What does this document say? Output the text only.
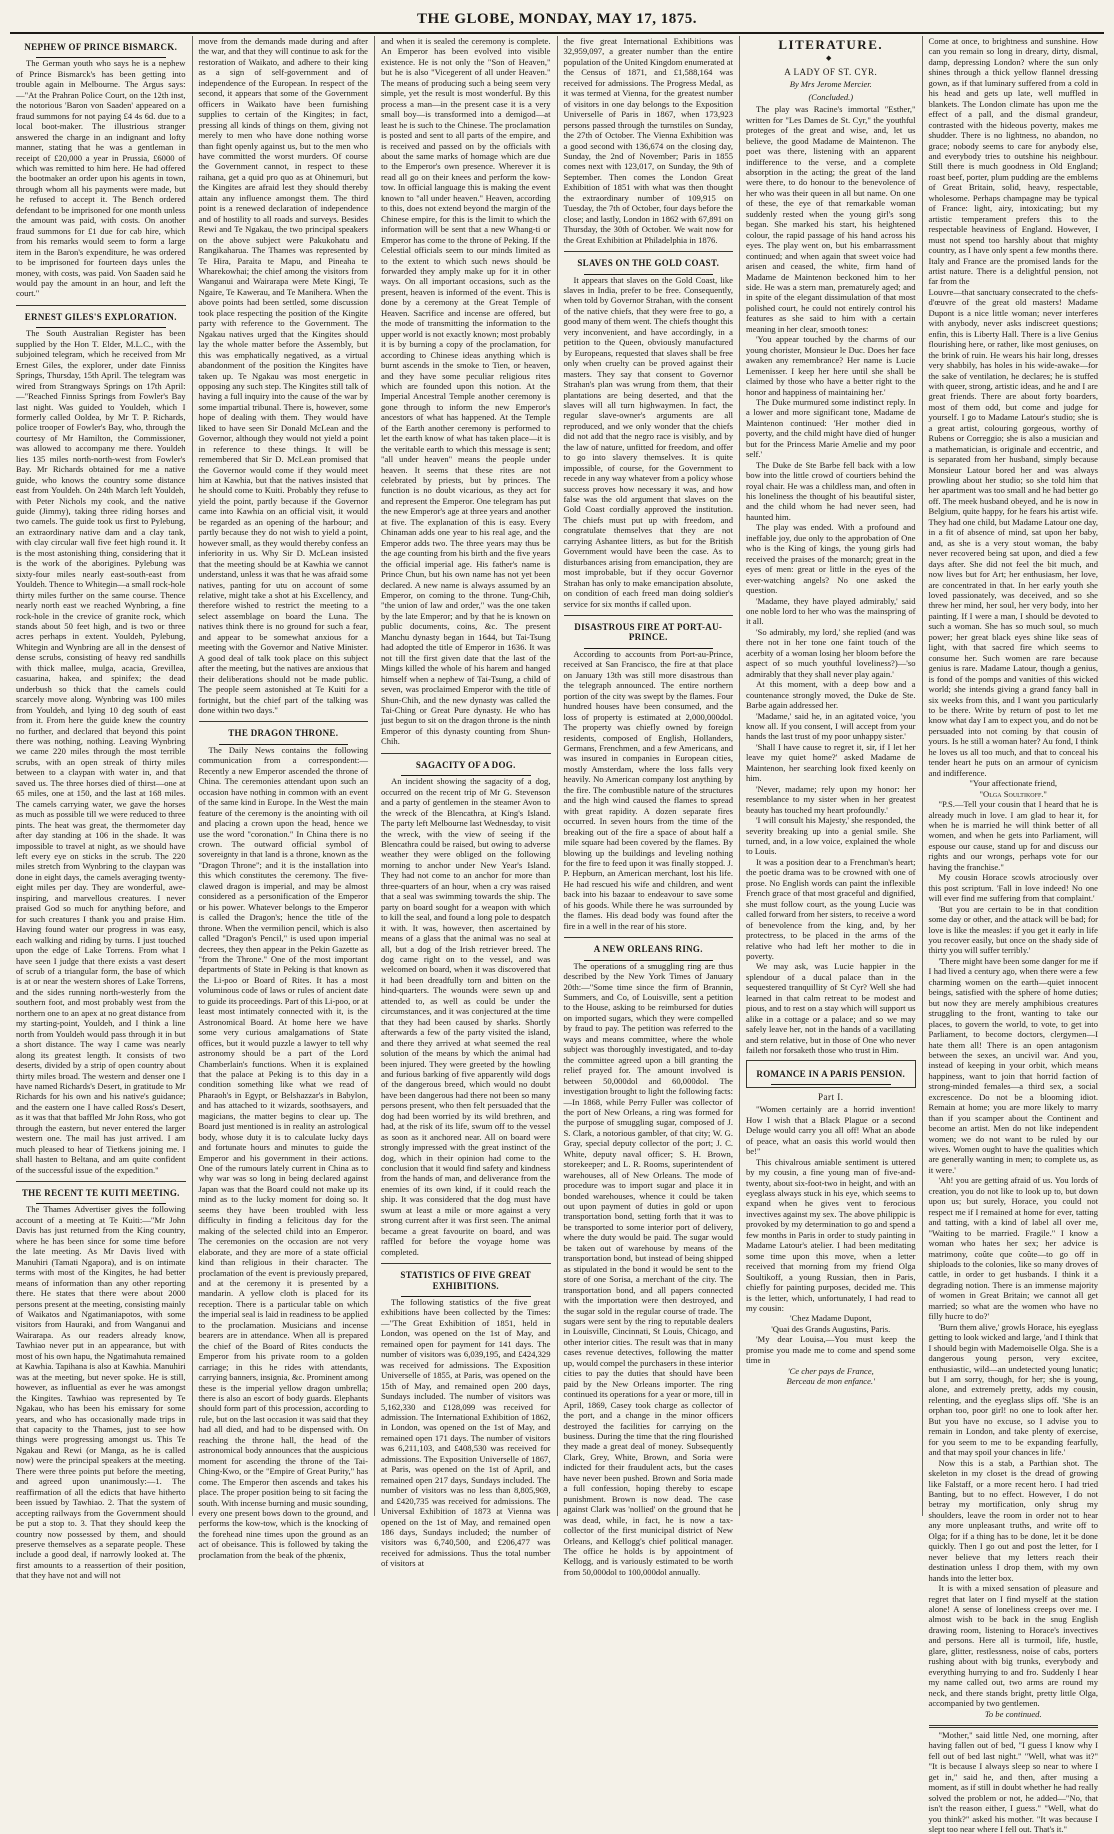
THE GLOBE, MONDAY, MAY 17, 1875.
NEPHEW OF PRINCE BISMARCK.

The German youth who says he is a nephew of Prince Bismarck's has been getting into trouble again in Melbourne. The Argus says:—"At the Prahran Police Court, on the 12th inst, the notorious 'Baron von Saaden' appeared on a fraud summons for not paying £4 4s 6d. due to a local boot-maker. The illustrious stranger answered the charge in an indignant and lofty manner, stating that he was a gentleman in receipt of £20,000 a year in Prussia, £6000 of which was remitted to him here. He had offered the bootmaker an order upon his agents in town, through whom all his payments were made, but he refused to accept it. The Bench ordered defendant to be imprisoned for one month unless the amount was paid, with costs. On another fraud summons for £1 due for cab hire, which from his remarks would seem to form a large item in the Baron's expenditure, he was ordered to be imprisoned for fourteen days unles the money, with costs, was paid. Von Saaden said he would pay the amount in an hour, and left the court."

ERNEST GILES'S EXPLORATION.

The South Australian Register has been supplied by the Hon T. Elder, M.L.C., with the subjoined telegram, which he received from Mr Ernest Giles, the explorer, under date Finniss Springs, Thursday, 15th April. The telegram was wired from Strangways Springs on 17th April:—"Reached Finniss Springs from Fowler's Bay last night. Was guided to Youldeh, which I formerly called Ooldea, by Mr T. P. Richards, police trooper of Fowler's Bay, who, through the courtesy of Mr Hamilton, the Commissioner, was allowed to accompany me there. Youldeh lies 135 miles north-north-west from Fowler's Bay. Mr Richards obtained for me a native guide, who knows the country some distance east from Youldeh. On 24th March left Youldeh, with Peter Nichols my cook, and the native guide (Jimmy), taking three riding horses and two camels. The guide took us first to Pylebung, an extraordinary native dam and a clay tank, with clay circular wall five feet high round it. It is the most astonishing thing, considering that it is the work of the aborigines. Pylebung was sixty-four miles nearly east-south-east from Youldeh. Thence to Whitegin—a small rock-hole thirty miles further on the same course. Thence nearly north east we reached Wynbring, a fine rock-hole in the crevice of granite rock, which stands about 50 feet high, and is two or three acres perhaps in extent. Youldeh, Pylebung, Whitegin and Wynbring are all in the densest of dense scrubs, consisting of heavy red sandhills with thick mallee, mulga, acacia, Grevillea, casuarina, hakea, and spinifex; the dead underbush so thick that the camels could scarcely move along. Wynbring was 100 miles from Youldeh, and lying 10 deg south of east from it. From here the guide knew the country no further, and declared that beyond this point there was nothing, nothing. Leaving Wynbring we came 220 miles through the most terrible scrubs, with an open streak of thirty miles between to a claypan with water in, and that saved us. The three horses died of thirst—one at 65 miles, one at 150, and the last at 168 miles. The camels carrying water, we gave the horses as much as possible till we were reduced to three pints. The heat was great, the thermometer day after day standing at 106 in the shade. It was impossible to travel at night, as we should have left every eye on sticks in the scrub. The 220 miles stretch from Wynbring to the claypan was done in eight days, the camels averaging twenty-eight miles per day. They are wonderful, awe-inspiring, and marvellous creatures. I never praised God so much for anything before, and for such creatures I thank you and praise Him. Having found water our progress in was easy, each walking and riding by turns. I just touched upon the edge of Lake Torrens. From what I have seen I judge that there exists a vast desert of scrub of a triangular form, the base of which is at or near the western shores of Lake Torrens, and the sides running north-westerly from the southern foot, and most probably west from the northern one to an apex at no great distance from my starting-point, Youldeh, and I think a line north from Youldeh would pass through it in but a short distance. The way I came was nearly along its greatest length. It consists of two deserts, divided by a strip of open country about thirty miles broad. The western and denser one I have named Richards's Desert, in gratitude to Mr Richards for his own and his native's guidance; and the eastern one I have called Ross's Desert, as it was that that baffled Mr John Ross, who got through the eastern, but never entered the larger western one. The mail has just arrived. I am much pleased to hear of Tietkens joining me. I shall hasten to Beltana, and am quite confident of the successful issue of the expedition."

THE RECENT TE KUITI MEETING.

The Thames Advertiser gives the following account of a meeting at Te Kuiti:—"Mr John Davis has just returned from the King country, where he has been since for some time before the late meeting. As Mr Davis lived with Manuhiri (Tamati Ngapora), and is on intimate terms with most of the Kingites, he had better means of information than any other reporting there. He states that there were about 2000 persons present at the meeting, consisting mainly of Waikatos and Ngatimaniapotos, with some visitors from Hauraki, and from Wanganui and Wairarapa. As our readers already know, Tawhiao never put in an appearance, but with most of his own hapu, the Ngatimahuta remained at Kawhia. Tapihana is also at Kawhia. Manuhiri was at the meeting, but never spoke. He is still, however, as influential as ever he was amongst the Kingites. Tawhiao was represented by Te Ngakau, who has been his emissary for some years, and who has occasionally made trips in that capacity to the Thames, just to see how things were progressing amongst us. This Te Ngakau and Rewi (or Manga, as he is called now) were the principal speakers at the meeting. There were three points put before the meeting, and agreed upon unanimously:—1. The reaffirmation of all the edicts that have hitherto been issued by Tawhiao. 2. That the system of accepting railways from the Government should be put a stop to. 3. That they should keep the country now possessed by them, and should preserve themselves as a separate people. These include a good deal, if narrowly looked at. The first amounts to a reassertion of their position, that they have not and will not

move from the demands made during and after the war, and that they will continue to ask for the restoration of Waikato, and adhere to their king as a sign of self-government and of independence of the European. In respect of the second, it appears that some of the Government officers in Waikato have been furnishing supplies to certain of the Kingites; in fact, pressing all kinds of things on them, giving not merely to men who have done nothing worse than fight openly against us, but to the men who have committed the worst murders. Of course the Government cannot, in respect to these raihana, get a quid pro quo as at Ohinemuri, but the Kingites are afraid lest they should thereby attain any influence amongst them. The third point is a renewed declaration of independence and of hostility to all roads and surveys. Besides Rewi and Te Ngakau, the two principal speakers on the above subject were Pakukohatu and Rangikaharua. The Thames was represented by Te Hira, Paraita te Mapu, and Pineaha te Wharekowhai; the chief among the visitors from Wanganui and Wairarapa were Mete Kingi, Te Ngaire, Te Kawerau, and Te Manihera. When the above points had been settled, some discussion took place respecting the position of the Kingite party with reference to the Government. The Ngakau natives urged that the Kingites should lay the whole matter before the Assembly, but this was emphatically negatived, as a virtual abandonment of the position the Kingites have taken up. Te Ngakau was most energetic in opposing any such step. The Kingites still talk of having a full inquiry into the cause of the war by some impartial tribunal. There is, however, some hope of dealing with them. They would have liked to have seen Sir Donald McLean and the Governor, although they would not yield a point in reference to these things. It will be remembered that Sir D. McLean promised that the Governor would come if they would meet him at Kawhia, but that the natives insisted that he should come to Kuiti. Probably they refuse to yield the point, partly because if the Governor came into Kawhia on an official visit, it would be regarded as an opening of the harbour; and partly because they do not wish to yield a point, however small, as they would thereby confess an inferiority in us. Why Sir D. McLean insisted that the meeting should be at Kawhia we cannot understand, unless it was that he was afraid some natives, panting for utu on account of some relative, might take a shot at his Excellency, and therefore wished to restrict the meeting to a select assemblage on board the Luna. The natives think there is no ground for such a fear, and appear to be somewhat anxious for a meeting with the Governor and Native Minister. A good deal of talk took place on this subject after the meeting, but the natives are anxious that their deliberations should not be made public. The people seem astonished at Te Kuiti for a fortnight, but the chief part of the talking was done within two days."

THE DRAGON THRONE.

The Daily News contains the following communication from a correspondent:—Recently a new Emperor ascended the throne of China. The ceremonies attendant upon such an occasion have nothing in common with an event of the same kind in Europe. In the West the main feature of the ceremony is the anointing with oil and placing a crown upon the head, hence we use the word "coronation." In China there is no crown. The outward official symbol of sovereignty in that land is a throne, known as the "Dragon Throne"; and it is the installation into this which constitutes the ceremony. The five-clawed dragon is imperial, and may be almost considered as a personification of the Emperor or his power. Whatever belongs to the Emperor is called the Dragon's; hence the title of the throne. When the vermilion pencil, which is also called "Dragon's Pencil," is used upon imperial decrees, they then appear in the Pekin Gazette as "from the Throne." One of the most important departments of State in Peking is that known as the Li-poo or Board of Rites. It has a most voluminous code of laws or rules of ancient date to guide its proceedings. Part of this Li-poo, or at least most intimately connected with it, is the Astronomical Board. At home here we have some very curious amalgamations of State offices, but it would puzzle a lawyer to tell why astronomy should be a part of the Lord Chamberlain's functions. When it is explained that the palace at Peking is to this day in a condition something like what we read of Pharaoh's in Egypt, or Belshazzar's in Babylon, and has attached to it wizards, soothsayers, and magicians, the matter begins to clear up. The Board just mentioned is in reality an astrological body, whose duty it is to calculate lucky days and fortunate hours and minutes to guide the Emperor and his government in their actions. One of the rumours lately current in China as to why war was so long in being declared against Japan was that the Board could not make up its mind as to the lucky moment for doing so. It seems they have been troubled with less difficulty in finding a felicitous day for the making of the selected child into an Emperor. The ceremonies on the occasion are not very elaborate, and they are more of a state official kind than religious in their character. The proclamation of the event is previously prepared, and at the ceremony it is presented by a mandarin. A yellow cloth is placed for its reception. There is a particular table on which the imperial seal is laid in readiness to be applied to the proclamation. Musicians and incense bearers are in attendance. When all is prepared the chief of the Board of Rites conducts the Emperor from his private room to a golden carriage; in this he rides with attendants, carrying banners, insignia, &c. Prominent among these is the imperial yellow dragon umbrella; there is also an escort of body guards. Elephants should form part of this procession, according to rule, but on the last occasion it was said that they had all died, and had to be dispensed with. On reaching the throne hall, the head of the astronomical body announces that the auspicious moment for ascending the throne of the Tai-Ching-Kwo, or the "Empire of Great Purity," has come. The Emperor then ascends and takes his place. The proper position being to sit facing the south. With incense burning and music sounding, every one present bows down to the ground, and performs the kow-tow, which is the knocking of the forehead nine times upon the ground as an act of obeisance. This is followed by taking the proclamation from the beak of the phœnix,

and when it is sealed the ceremony is complete. An Emperor has been evolved into visible existence. He is not only the "Son of Heaven," but he is also "Vicegerent of all under Heaven." The means of producing such a being seem very simple, yet the result is most wonderful. By this process a man—in the present case it is a very small boy—is transformed into a demigod—at least he is such to the Chinese. The proclamation is posted and sent to all parts of the empire, and is received and passed on by the officials with about the same marks of homage which are due to the Emperor's own presence. Wherever it is read all go on their knees and perform the kow-tow. In official language this is making the event known to "all under heaven." Heaven, according to this, does not extend beyond the margin of the Chinese empire, for this is the limit to which the information will be sent that a new Whang-ti or Emperor has come to the throne of Peking. If the Celestial officials seem to our minds limited as to the extent to which such news should be forwarded they amply make up for it in other ways. On all important occasions, such as the present, heaven is informed of the event. This is done by a ceremony at the Great Temple of Heaven. Sacrifice and incense are offered, but the mode of transmitting the information to the upper world is not exactly known; most probably it is by burning a copy of the proclamation, for according to Chinese ideas anything which is burnt ascends in the smoke to Tien, or heaven, and they have some peculiar religious rites which are founded upon this notion. At the Imperial Ancestral Temple another ceremony is gone through to inform the new Emperor's ancestors of what has happened. At the Temple of the Earth another ceremony is performed to let the earth know of what has taken place—it is the veritable earth to which this message is sent; "all under heaven" means the people under heaven. It seems that these rites are not celebrated by priests, but by princes. The function is no doubt vicarious, as they act for and represent the Emperor. One telegram has put the new Emperor's age at three years and another at five. The explanation of this is easy. Every Chinaman adds one year to his real age, and the Emperor adds two. The three years may thus be the age counting from his birth and the five years the official imperial age. His father's name is Prince Chun, but his own name has not yet been declared. A new name is always assumed by an Emperor, on coming to the throne. Tung-Chih, "the union of law and order," was the one taken by the late Emperor; and by that he is known on public documents, coins, &c. The present Manchu dynasty began in 1644, but Tai-Tsung had adopted the title of Emperor in 1636. It was not till the first given date that the last of the Mings killed the whole of his harem and hanged himself when a nephew of Tai-Tsung, a child of seven, was proclaimed Emperor with the title of Shun-Chih, and the new dynasty was called the Tai-Ching or Great Pure dynasty. He who has just begun to sit on the dragon throne is the ninth Emperor of this dynasty counting from Shun-Chih.

SAGACITY OF A DOG.

An incident showing the sagacity of a dog, occurred on the recent trip of Mr G. Stevenson and a party of gentlemen in the steamer Avon to the wreck of the Blencathra, at King's Island. The party left Melbourne last Wednesday, to visit the wreck, with the view of seeing if the Blencathra could be raised, but owing to adverse weather they were obliged on the following morning to anchor under New Year's Island. They had not come to an anchor for more than three-quarters of an hour, when a cry was raised that a seal was swimming towards the ship. The party on board sought for a weapon with which to kill the seal, and found a long pole to despatch it with. It was, however, then ascertained by means of a glass that the animal was no seal at all, but a dog of the Irish retriever breed. The dog came right on to the vessel, and was welcomed on board, when it was discovered that it had been dreadfully torn and bitten on the hind-quarters. The wounds were sewn up and attended to, as well as could be under the circumstances, and it was conjectured at the time that they had been caused by sharks. Shortly afterwards a few of the party visited the island, and there they arrived at what seemed the real solution of the means by which the animal had been injured. They were greeted by the howling and furious barking of five apparently wild dogs of the dangerous breed, which would no doubt have been dangerous had there not been so many persons present, who then felt persuaded that the dog had been worried by its wild brethren, and had, at the risk of its life, swum off to the vessel as soon as it anchored near. All on board were strongly impressed with the great instinct of the dog, which in their opinion had come to the conclusion that it would find safety and kindness from the hands of man, and deliverance from the enemies of its own kind, if it could reach the ship. It was considered that the dog must have swum at least a mile or more against a very strong current after it was first seen. The animal became a great favourite on board, and was raffled for before the voyage home was completed.

STATISTICS OF FIVE GREAT EXHIBITIONS.

The following statistics of the five great exhibitions have been collected by the Times:—"The Great Exhibition of 1851, held in London, was opened on the 1st of May, and remained open for payment for 141 days. The number of visitors was 6,039,195, and £424,329 was received for admissions. The Exposition Universelle of 1855, at Paris, was opened on the 15th of May, and remained open 200 days, Sundays included. The number of visitors was 5,162,330 and £128,099 was received for admission. The International Exhibition of 1862, in London, was opened on the 1st of May, and remained open 171 days. The number of visitors was 6,211,103, and £408,530 was received for admissions. The Exposition Universelle of 1867, at Paris, was opened on the 1st of April, and remained open 217 days, Sundays included. The number of visitors was no less than 8,805,969, and £420,735 was received for admissions. The Universal Exhibition of 1873 at Vienna was opened on the 1st of May, and remained open 186 days, Sundays included; the number of visitors was 6,740,500, and £206,477 was received for admissions. Thus the total number of visitors at

the five great International Exhibitions was 32,959,097, a greater number than the entire population of the United Kingdom enumerated at the Census of 1871, and £1,588,164 was received for admissions. The Progress Medal, as it was termed at Vienna, for the greatest number of visitors in one day belongs to the Exposition Universelle of Paris in 1867, when 173,923 persons passed through the turnstiles on Sunday, the 27th of October. The Vienna Exhibition was a good second with 136,674 on the closing day, Sunday, the 2nd of November; Paris in 1855 comes next with 123,017, on Sunday, the 9th of September. Then comes the London Great Exhibition of 1851 with what was then thought the extraordinary number of 109,915 on Tuesday, the 7th of October, four days before the close; and lastly, London in 1862 with 67,891 on Thursday, the 30th of October. We wait now for the Great Exhibition at Philadelphia in 1876.

SLAVES ON THE GOLD COAST.

It appears that slaves on the Gold Coast, like slaves in India, prefer to be free. Consequently, when told by Governor Strahan, with the consent of the native chiefs, that they were free to go, a good many of them went. The chiefs thought this very inconvenient, and have accordingly, in a petition to the Queen, obviously manufactured by Europeans, requested that slaves shall be free only when cruelty can be proved against their masters. They say that consent to Governor Strahan's plan was wrung from them, that their plantations are being deserted, and that the slaves will all turn highwaymen. In fact, the regular slave-owner's arguments are all reproduced, and we only wonder that the chiefs did not add that the negro race is visibly, and by the law of nature, unfitted for freedom, and offer to go into slavery themselves. It is quite impossible, of course, for the Government to recede in any way whatever from a policy whose success proves how necessary it was, and how false was the old argument that slaves on the Gold Coast cordially approved the institution. The chiefs must put up with freedom, and congratulate themselves that they are not carrying Ashantee litters, as but for the British Government would have been the case. As to disturbances arising from emancipation, they are most improbable, but if they occur Governor Strahan has only to make emancipation absolute, on condition of each freed man doing soldier's service for six months if called upon.

DISASTROUS FIRE AT PORT-AU-PRINCE.

According to accounts from Port-au-Prince, received at San Francisco, the fire at that place on January 13th was still more disastrous than the telegraph announced. The entire northern portion of the city was swept by the flames. Four hundred houses have been consumed, and the loss of property is estimated at 2,000,000dol. The property was chiefly owned by foreign residents, composed of English, Hollanders, Germans, Frenchmen, and a few Americans, and was insured in companies in European cities, mostly Amsterdam, where the loss falls very heavily. No American company lost anything by the fire. The combustible nature of the structures and the high wind caused the flames to spread with great rapidity. A dozen separate fires occurred. In seven hours from the time of the breaking out of the fire a space of about half a mile square had been covered by the flames. By blowing up the buildings and leveling nothing for the fire to feed upon it was finally stopped. J. P. Hepburn, an American merchant, lost his life. He had rescued his wife and children, and went back into his bazaar to endeavour to save some of his goods. While there he was surrounded by the flames. His dead body was found after the fire in a well in the rear of his store.

A NEW ORLEANS RING.

The operations of a smuggling ring are thus described by the New York Times of January 20th:—"Some time since the firm of Brannin, Summers, and Co, of Louisville, sent a petition to the House, asking to be reimbursed for duties on imported sugars, which they were compelled by fraud to pay. The petition was referred to the ways and means committee, where the whole subject was thoroughly investigated, and to-day the committee agreed upon a bill granting the relief prayed for. The amount involved is between 50,000dol and 60,000dol. The investigation brought to light the following facts:—In 1868, while Perry Fuller was collector of the port of New Orleans, a ring was formed for the purpose of smuggling sugar, composed of J. S. Clark, a notorious gambler, of that city; W. G. Gray, special deputy collector of the port; J. C. White, deputy naval officer; S. H. Brown, storekeeper; and L. R. Rooms, superintendent of warehouses, all of New Orleans. The mode of procedure was to import sugar and place it in bonded warehouses, whence it could be taken out upon payment of duties in gold or upon transportation bond, setting forth that it was to be transported to some interior port of delivery, where the duty would be paid. The sugar would be taken out of warehouse by means of the transportation bond, but instead of being shipped as stipulated in the bond it would be sent to the store of one Sorisa, a merchant of the city. The transportation bond, and all papers connected with the importation were then destroyed, and the sugar sold in the regular course of trade. The sugars were sent by the ring to reputable dealers in Louisville, Cincinnati, St Louis, Chicago, and other interior cities. The result was that in many cases revenue detectives, following the matter up, would compel the purchasers in these interior cities to pay the duties that should have been paid by the New Orleans importer. The ring continued its operations for a year or more, till in April, 1869, Casey took charge as collector of the port, and a change in the minor officers destroyed the facilities for carrying on the business. During the time that the ring flourished they made a great deal of money. Subsequently Clark, Grey, White, Brown, and Soria were indicted for their fraudulent acts, but the cases have never been pushed. Brown and Soria made a full confession, hoping thereby to escape punishment. Brown is now dead. The case against Clark was 'nollied' on the ground that he was dead, while, in fact, he is now a tax-collector of the first municipal district of New Orleans, and Kellogg's chief political manager. The office he holds is by appointment of Kellogg, and is variously estimated to be worth from 50,000dol to 100,000dol annually.

LITERATURE.
◆
A LADY OF ST. CYR.
By Mrs Jerome Mercier.
(Concluded.)

The play was Racine's immortal "Esther," written for "Les Dames de St. Cyr," the youthful proteges of the great and wise, and, let us believe, the good Madame de Maintenon. The poet was there, listening with an apparent indifference to the verse, and a complete absorption in the acting; the great of the land were there, to do honour to the benevolence of her who was their queen in all but name. On one of these, the eye of that remarkable woman suddenly rested when the young girl's song began. She marked his start, his heightened colour, the rapid passage of his hand across his eyes. The play went on, but his embarrassment continued; and when again that sweet voice had arisen and ceased, the white, firm hand of Madame de Maintenon beckoned him to her side. He was a stern man, prematurely aged; and in spite of the elegant dissimulation of that most polished court, he could not entirely control his features as she said to him with a certain meaning in her clear, smooth tones:

'You appear touched by the charms of our young chorister, Monsieur le Duc. Does her face awaken any remembrance? Her name is Lucie Lemenisser. I keep her here until she shall be claimed by those who have a better right to the honor and happiness of maintaining her.'

The Duke murmured some indistinct reply. In a lower and more significant tone, Madame de Maintenon continued: 'Her mother died in poverty, and the child might have died of hunger but for the Princess Marie Amelie and my poor self.'

The Duke de Ste Barbe fell back with a low bow into the little crowd of courtiers behind the royal chair. He was a childless man, and often in his loneliness the thought of his beautiful sister, and the child whom he had never seen, had haunted him.

The play was ended. With a profound and ineffable joy, due only to the approbation of One who is the King of kings, the young girls had received the praises of the monarch; great in the eyes of men: great or little in the eyes of the ever-watching angels? No one asked the question.

'Madame, they have played admirably,' said one noble lord to her who was the mainspring of it all.

'So admirably, my lord,' she replied (and was there not in her tone one faint touch of the acerbity of a woman losing her bloom before the aspect of so much youthful loveliness?)—'so admirably that they shall never play again.'

At this moment, with a deep bow and a countenance strongly moved, the Duke de Ste. Barbe again addressed her.

'Madame,' said he, in an agitated voice, 'you know all. If you consent, I will accept from your hands the last trust of my poor unhappy sister.'

'Shall I have cause to regret it, sir, if I let her leave my quiet home?' asked Madame de Maintenon, her searching look fixed keenly on him.

'Never, madame; rely upon my honor: her resemblance to my sister when in her greatest beauty has touched my heart profoundly.'

'I will consult his Majesty,' she responded, the severity breaking up into a genial smile. She turned, and, in a low voice, explained the whole to Louis.

It was a position dear to a Frenchman's heart; the poetic drama was to be crowned with one of prose. No English words can paint the inflexible French grace of that most graceful and dignified, she must follow court, as the young Lucie was called forward from her sisters, to receive a word of benevolence from the king, and, by her protectress, to be placed in the arms of the relative who had left her mother to die in poverty.

We may ask, was Lucie happier in the splendour of a ducal palace than in the sequestered tranquillity of St Cyr? Well she had learned in that calm retreat to be modest and pious, and to rest on a stay which will support us alike in a cottage or a palace; and so we may safely leave her, not in the hands of a vacillating and stern relative, but in those of One who never faileth nor forsaketh those who trust in Him.

ROMANCE IN A PARIS PENSION.
Part I.

"Women certainly are a horrid invention! How I wish that a Black Plague or a second Deluge would carry you all off! What an abode of peace, what an oasis this world would then be!"

This chivalrous amiable sentiment is uttered by my cousin, a fine young man of five-and-twenty, about six-foot-two in height, and with an eyeglass always stuck in his eye, which seems to expand when he gives vent to ferocious invectives against my sex. The above philippic is provoked by my determination to go and spend a few months in Paris in order to study painting in Madame Latour's atelier. I had been meditating some time upon this move, when a letter received that morning from my friend Olga Soultikoff, a young Russian, then in Paris, chiefly for painting purposes, decided me. This is the letter, which, unfortunately, I had read to my cousin:

'Chez Madame Dupont,
'Quai des Grands Augustins, Paris.

'My dear Louisa,—You must keep the promise you made me to come and spend some time in

'Ce cher pays de France,
Berceau de mon enfance.'

Come at once, to brightness and sunshine. How can you remain so long in dreary, dirty, dismal, damp, depressing London? where the sun only shines through a thick yellow flannel dressing gown, as if that luminary suffered from a cold in his head and gets up late, well muffled in blankets. The London climate has upon me the effect of a pall, and the dismal grandeur, contrasted with the hideous poverty, makes me shudder. There is no lightness, no abandon, no grace; nobody seems to care for anybody else, and everybody tries to outshine his neighbour. Still there is much goodness in Old England; roast beef, porter, plum pudding are the emblems of Great Britain, solid, heavy, respectable, wholesome. Perhaps champagne may be typical of France: light, airy, intoxicating; but my artistic temperament prefers this to the respectable heaviness of England. However, I must not spend too harshly about that mighty country, as I have only spent a few months there. Italy and France are the promised lands for the artist nature. There is a delightful pension, not far from the

Louvre—that sanctuary consecrated to the chefs-d'œuvre of the great old masters! Madame Dupont is a nice little woman; never interferes with anybody, never asks indiscreet questions; enfin, this is Liberty Hall. There is a live Genius flourishing here, or rather, like most geniuses, on the brink of ruin. He wears his hair long, dresses very shabbily, has holes in his wide-awake—for the sake of ventilation, he declares; he is stuffed with queer, strong, artistic ideas, and he and I are great friends. There are about forty boarders, most of them odd, but come and judge for yourself. I go to Madame Latour's studio; she is a great artist, colouring gorgeous, worthy of Rubens or Correggio; she is also a musician and a mathematician, is originale and eccentric, and is separated from her husband, simply because Monsieur Latour bored her and was always prowling about her studio; so she told him that her apartment was too small and he had better go off. The meek husband obeyed, and he is now in Belgium, quite happy, for he fears his artist wife. They had one child, but Madame Latour one day, in a fit of absence of mind, sat upon her baby, and, as she is a very stout woman, the baby never recovered being sat upon, and died a few days after. She did not feel the bit much, and now lives but for Art; her enthusiasm, her love, are concentrated in that. In her early youth she loved passionately, was deceived, and so she threw her mind, her soul, her very body, into her painting. If I were a man, I should be devoted to such a woman. She has so much soul, so much power; her great black eyes shine like seas of light, with that sacred fire which seems to consume her. Such women are rare because genius is rare. Madame Latour, though a genius, is fond of the pomps and vanities of this wicked world; she intends giving a grand fancy ball in six weeks from this, and I want you particularly to be there. Write by return of post to let me know what day I am to expect you, and do not be persuaded into not coming by that cousin of yours. Is he still a woman hater? Au fond, I think he loves us all too much, and that to conceal his tender heart he puts on an armour of cynicism and indifference.

"Your affectionate friend,
"Olga Soultikoff."

"P.S.—Tell your cousin that I heard that he is already much in love. I am glad to hear it, for when he is married he will think better of all women, and when he gets into Parliament, will espouse our cause, stand up for and discuss our rights and our wrongs, perhaps vote for our having the franchise."

My cousin Horace scowls atrociously over this post scriptum. 'Fall in love indeed! No one will ever find me suffering from that complaint.'

'But you are certain to be in that condition some day or other, and the attack will be bad; for love is like the measles: if you get it early in life you recover easily, but once on the shady side of thirty you will suffer terribly.'

'There might have been some danger for me if I had lived a century ago, when there were a few charming women on the earth—quiet innocent beings, satisfied with the sphere of home duties; but now they are merely amphibious creatures struggling to the front, wanting to take our places, to govern the world, to vote, to get into Parliament, to become doctors, clergymen—I hate them all! There is an open antagonism between the sexes, an uncivil war. And you, instead of keeping in your orbit, which means happiness, want to join that horrid faction of strong-minded females—a third sex, a social excrescence. Do not be a blooming idiot. Remain at home; you are more likely to marry than if you scamper about the Continent and become an artist. Men do not like independent women; we do not want to be ruled by our wives. Women ought to have the qualities which are generally wanting in men; to complete us, as it were.'

'Ah! you are getting afraid of us. You lords of creation, you do not like to look up to, but down upon us; but surely, Horace, you could not respect me if I remained at home for ever, tatting and tatting, with a kind of label all over me, "Waiting to be married. Fragile." I know a woman who hates her sex; her advice is matrimony, coûte que coûte—to go off in shiploads to the colonies, like so many droves of cattle, in order to get husbands. I think it a degrading notion. There is an immense majority of women in Great Britain; we cannot all get married; so what are the women who have no filly hucre to do?'

'Burn them alive,' growls Horace, his eyeglass getting to look wicked and large, 'and I think that I should begin with Mademoiselle Olga. She is a dangerous young person, very excitee, enthusiastic, wild—an undetected young lunatic; but I am sorry, though, for her; she is young, alone, and extremely pretty, adds my cousin, relenting, and the eyeglass slips off. 'She is an orphan too, poor girl! no one to look after her. But you have no excuse, so I advise you to remain in London, and take plenty of exercise, for you seem to me to be expanding fearfully, and that may spoil your chances in life.'

Now this is a stab, a Parthian shot. The skeleton in my closet is the dread of growing like Falstaff, or a more recent hero. I had tried Banting, but to no effect. However, I do not betray my mortification, only shrug my shoulders, leave the room in order not to hear any more unpleasant truths, and write off to Olga; for if a thing has to be done, let it be done quickly. Then I go out and post the letter, for I never believe that my letters reach their destination unless I drop them, with my own hands into the letter box.

It is with a mixed sensation of pleasure and regret that later on I find myself at the station alone! A sense of loneliness creeps over me. I almost wish to be back in the snug English drawing room, listening to Horace's invectives and persons. Here all is turmoil, life, hustle, glare, glitter, restlessness, noise of cabs, porters rushing about with big trunks, everybody and everything hurrying to and fro. Suddenly I hear my name called out, two arms are round my neck, and there stands bright, pretty little Olga, accompanied by two gentlemen.

To be continued.

"Mother," said little Ned, one morning, after having fallen out of bed, "I guess I know why I fell out of bed last night." "Well, what was it?" "It is because I always sleep so near to where I get in," said he, and then, after musing a moment, as if still in doubt whether he had really solved the problem or not, he added—"No, that isn't the reason either, I guess." "Well, what do you think?" asked his mother. "It was because I slept too near where I fell out. That's it."
